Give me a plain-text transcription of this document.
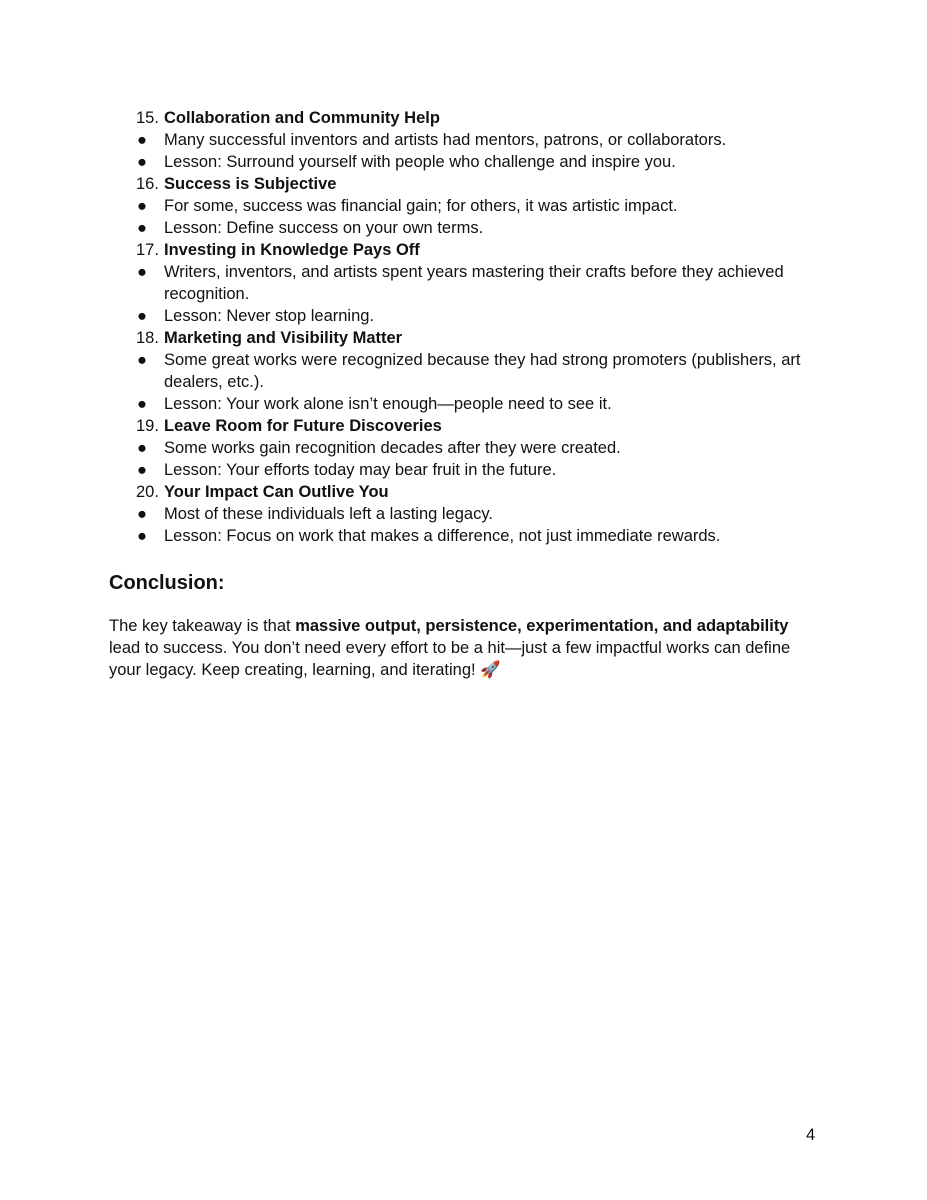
15. Collaboration and Community Help
● Many successful inventors and artists had mentors, patrons, or collaborators.
● Lesson: Surround yourself with people who challenge and inspire you.
16. Success is Subjective
● For some, success was financial gain; for others, it was artistic impact.
● Lesson: Define success on your own terms.
17. Investing in Knowledge Pays Off
● Writers, inventors, and artists spent years mastering their crafts before they achieved recognition.
● Lesson: Never stop learning.
18. Marketing and Visibility Matter
● Some great works were recognized because they had strong promoters (publishers, art dealers, etc.).
● Lesson: Your work alone isn’t enough—people need to see it.
19. Leave Room for Future Discoveries
● Some works gain recognition decades after they were created.
● Lesson: Your efforts today may bear fruit in the future.
20. Your Impact Can Outlive You
● Most of these individuals left a lasting legacy.
● Lesson: Focus on work that makes a difference, not just immediate rewards.
Conclusion:

The key takeaway is that massive output, persistence, experimentation, and adaptability lead to success. You don’t need every effort to be a hit—just a few impactful works can define your legacy. Keep creating, learning, and iterating! 🚀

4
